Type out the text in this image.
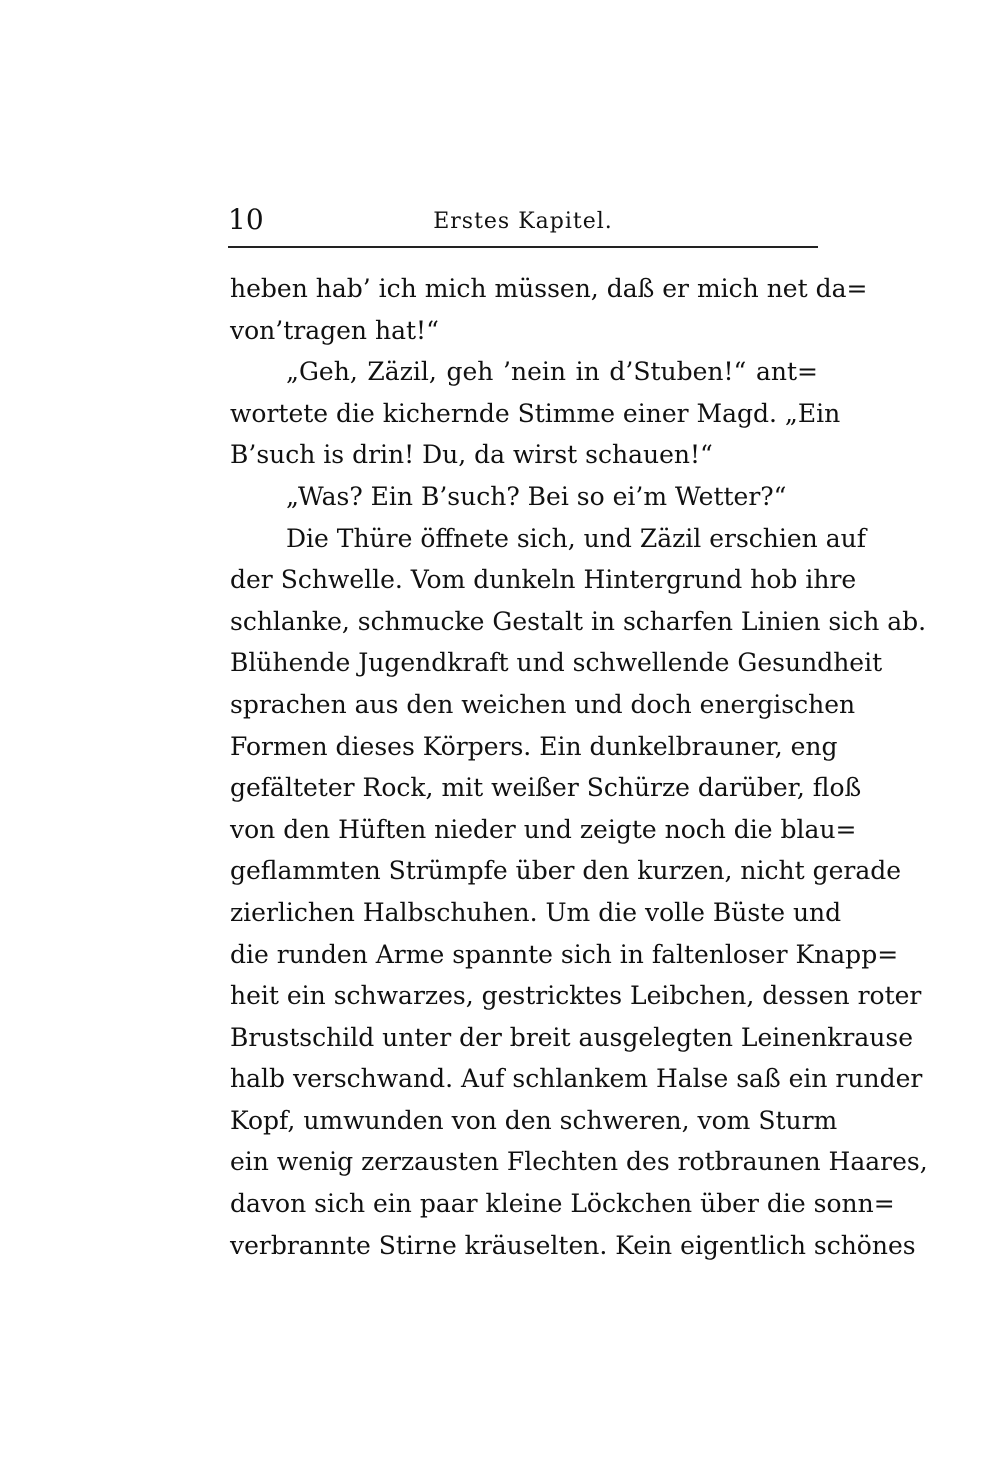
10	Erstes Kapitel.
heben hab’ ich mich müssen, daß er mich net da=
von’tragen hat!“
„Geh, Zäzil, geh ’nein in d’Stuben!“ ant=
wortete die kichernde Stimme einer Magd. „Ein
B’such is drin! Du, da wirst schauen!“
„Was? Ein B’such? Bei so ei’m Wetter?“
Die Thüre öffnete sich, und Zäzil erschien auf
der Schwelle. Vom dunkeln Hintergrund hob ihre
schlanke, schmucke Gestalt in scharfen Linien sich ab.
Blühende Jugendkraft und schwellende Gesundheit
sprachen aus den weichen und doch energischen
Formen dieses Körpers. Ein dunkelbrauner, eng
gefälteter Rock, mit weißer Schürze darüber, floß
von den Hüften nieder und zeigte noch die blau=
geflammten Strümpfe über den kurzen, nicht gerade
zierlichen Halbschuhen. Um die volle Büste und
die runden Arme spannte sich in faltenloser Knapp=
heit ein schwarzes, gestricktes Leibchen, dessen roter
Brustschild unter der breit ausgelegten Leinenkrause
halb verschwand. Auf schlankem Halse saß ein runder
Kopf, umwunden von den schweren, vom Sturm
ein wenig zerzausten Flechten des rotbraunen Haares,
davon sich ein paar kleine Löckchen über die sonn=
verbrannte Stirne kräuselten. Kein eigentlich schönes
